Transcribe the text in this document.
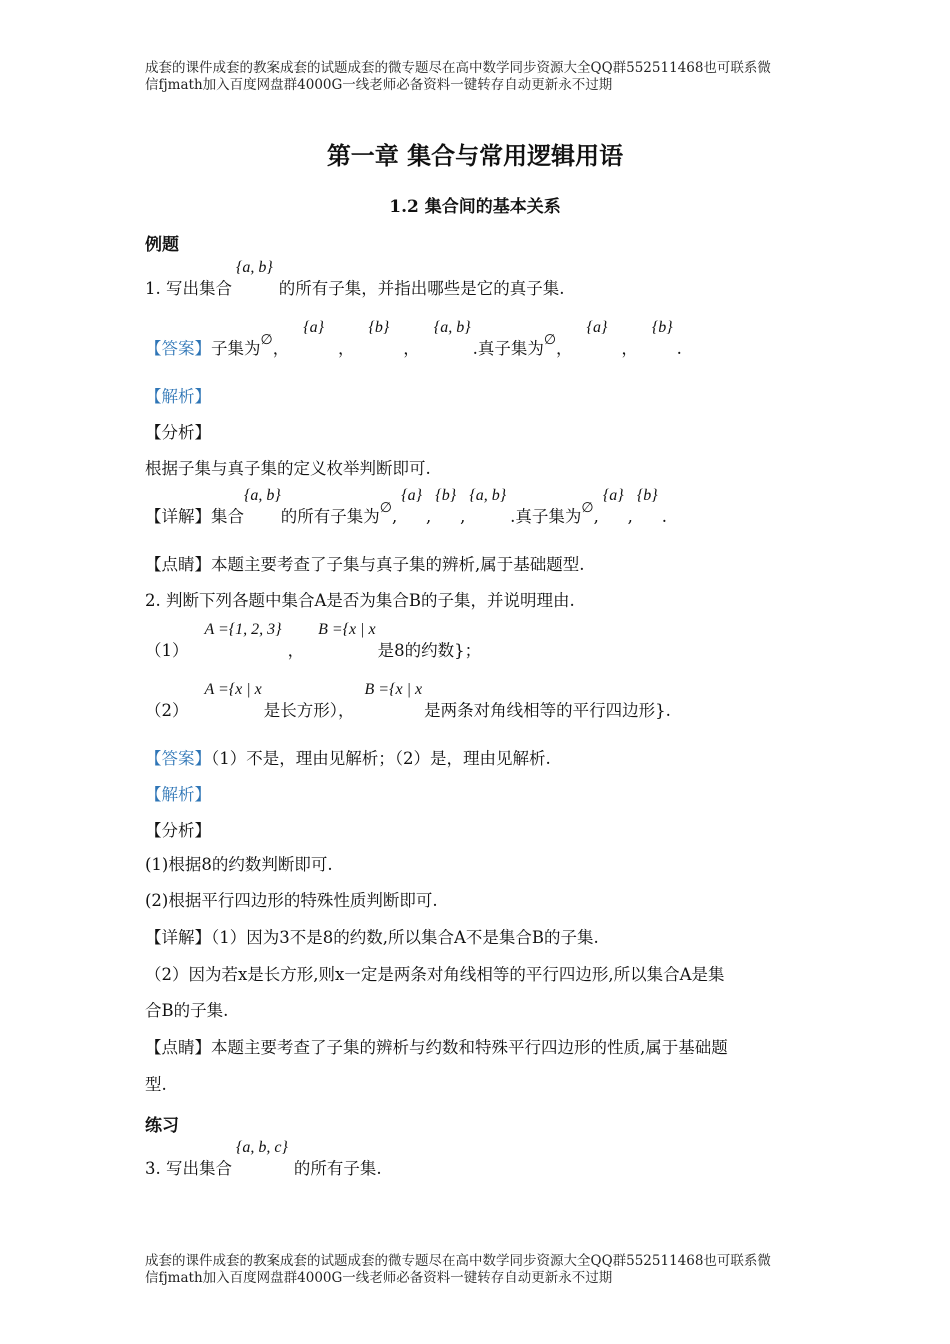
成套的课件成套的教案成套的试题成套的微专题尽在高中数学同步资源大全QQ群552511468也可联系微
信fjmath加入百度网盘群4000G一线老师必备资料一键转存自动更新永不过期
第一章 集合与常用逻辑用语
1.2 集合间的基本关系
例题
1. 写出集合{a, b}的所有子集，并指出哪些是它的真子集.
【答案】子集为∅，{a}，{b}，{a, b}.真子集为∅，{a}，{b}.
【解析】
【分析】
根据子集与真子集的定义枚举判断即可.
【详解】集合{a, b}的所有子集为∅,{a},{b},{a, b}.真子集为∅,{a},{b}.
【点睛】本题主要考查了子集与真子集的辨析,属于基础题型.
2. 判断下列各题中集合A是否为集合B的子集，并说明理由.
（1）A ={1, 2, 3}，B ={x | x是8的约数}；
（2）A ={x | x是长方形），B ={x | x是两条对角线相等的平行四边形}.
【答案】（1）不是，理由见解析；（2）是，理由见解析.
【解析】
【分析】
(1)根据8的约数判断即可.
(2)根据平行四边形的特殊性质判断即可.
【详解】（1）因为3不是8的约数,所以集合A不是集合B的子集.
（2）因为若x是长方形,则x一定是两条对角线相等的平行四边形,所以集合A是集
合B的子集.
【点睛】本题主要考查了子集的辨析与约数和特殊平行四边形的性质,属于基础题
型.
练习
3. 写出集合{a, b, c}的所有子集.
成套的课件成套的教案成套的试题成套的微专题尽在高中数学同步资源大全QQ群552511468也可联系微
信fjmath加入百度网盘群4000G一线老师必备资料一键转存自动更新永不过期
